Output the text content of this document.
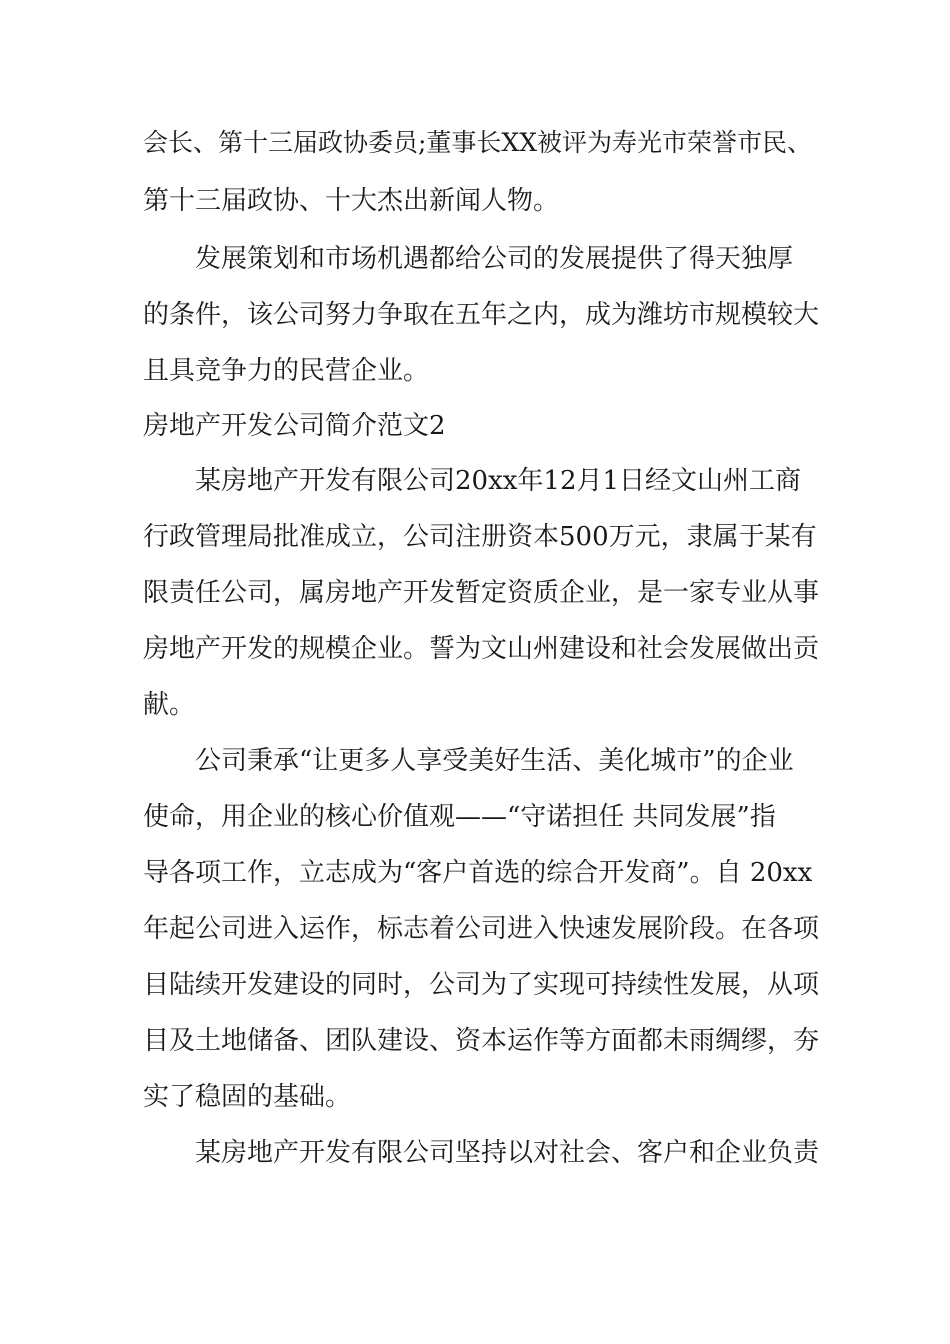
会长、第十三届政协委员;董事长XX被评为寿光市荣誉市民、
第十三届政协、十大杰出新闻人物。
发展策划和市场机遇都给公司的发展提供了得天独厚
的条件，该公司努力争取在五年之内，成为潍坊市规模较大
且具竞争力的民营企业。
房地产开发公司简介范文2
某房地产开发有限公司20xx年12月1日经文山州工商
行政管理局批准成立，公司注册资本500万元，隶属于某有
限责任公司，属房地产开发暂定资质企业，是一家专业从事
房地产开发的规模企业。誓为文山州建设和社会发展做出贡
献。
公司秉承“让更多人享受美好生活、美化城市”的企业
使命，用企业的核心价值观——“守诺担任 共同发展”指
导各项工作，立志成为“客户首选的综合开发商”。自 20xx
年起公司进入运作，标志着公司进入快速发展阶段。在各项
目陆续开发建设的同时，公司为了实现可持续性发展，从项
目及土地储备、团队建设、资本运作等方面都未雨绸缪，夯
实了稳固的基础。
某房地产开发有限公司坚持以对社会、客户和企业负责
